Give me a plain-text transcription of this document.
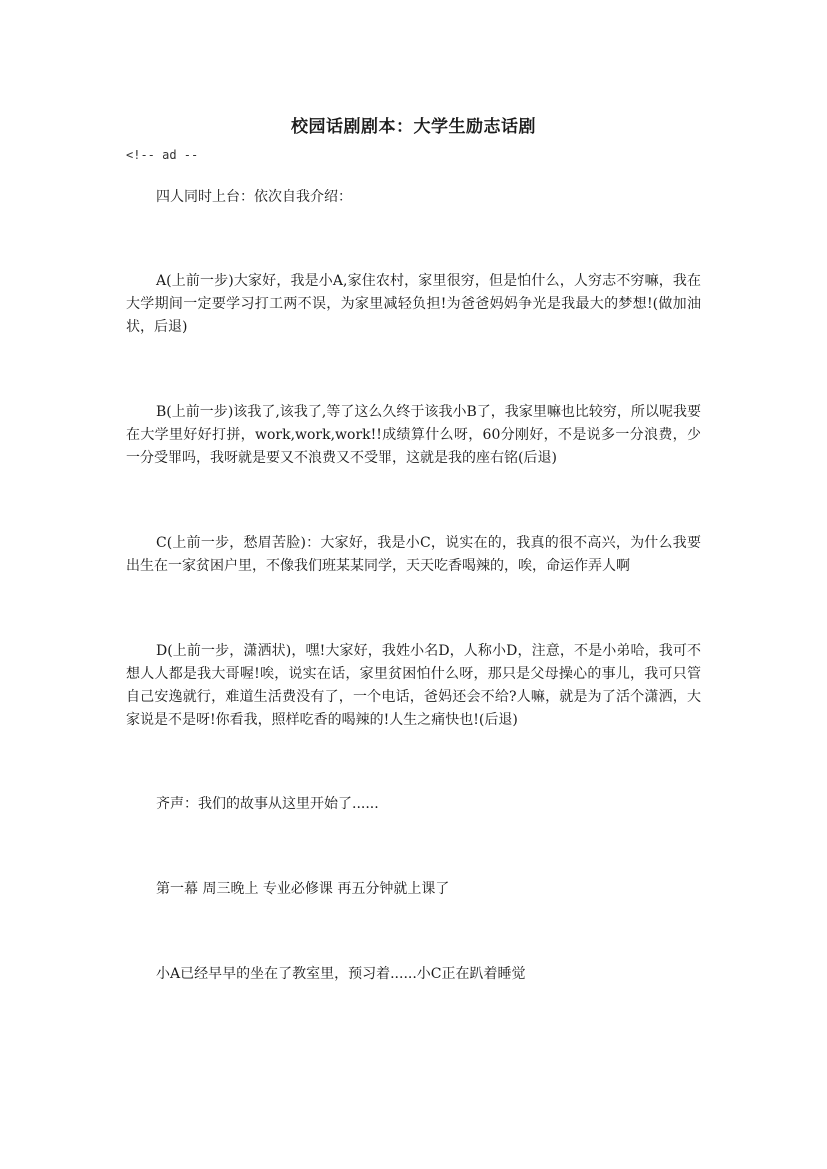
校园话剧剧本：大学生励志话剧
<!-- ad --
四人同时上台：依次自我介绍：
A(上前一步)大家好，我是小A,家住农村，家里很穷，但是怕什么，人穷志不穷嘛，我在大学期间一定要学习打工两不误，为家里减轻负担!为爸爸妈妈争光是我最大的梦想!(做加油状，后退)
B(上前一步)该我了,该我了,等了这么久终于该我小B了，我家里嘛也比较穷，所以呢我要在大学里好好打拼，work,work,work!!成绩算什么呀，60分刚好，不是说多一分浪费，少一分受罪吗，我呀就是要又不浪费又不受罪，这就是我的座右铭(后退)
C(上前一步，愁眉苦脸)：大家好，我是小C，说实在的，我真的很不高兴，为什么我要出生在一家贫困户里，不像我们班某某同学，天天吃香喝辣的，唉，命运作弄人啊
D(上前一步，潇洒状)，嘿!大家好，我姓小名D，人称小D，注意，不是小弟哈，我可不想人人都是我大哥喔!唉，说实在话，家里贫困怕什么呀，那只是父母操心的事儿，我可只管自己安逸就行，难道生活费没有了，一个电话，爸妈还会不给?人嘛，就是为了活个潇洒，大家说是不是呀!你看我，照样吃香的喝辣的!人生之痛快也!(后退)
齐声：我们的故事从这里开始了......
第一幕 周三晚上 专业必修课 再五分钟就上课了
小A已经早早的坐在了教室里，预习着......小C正在趴着睡觉
